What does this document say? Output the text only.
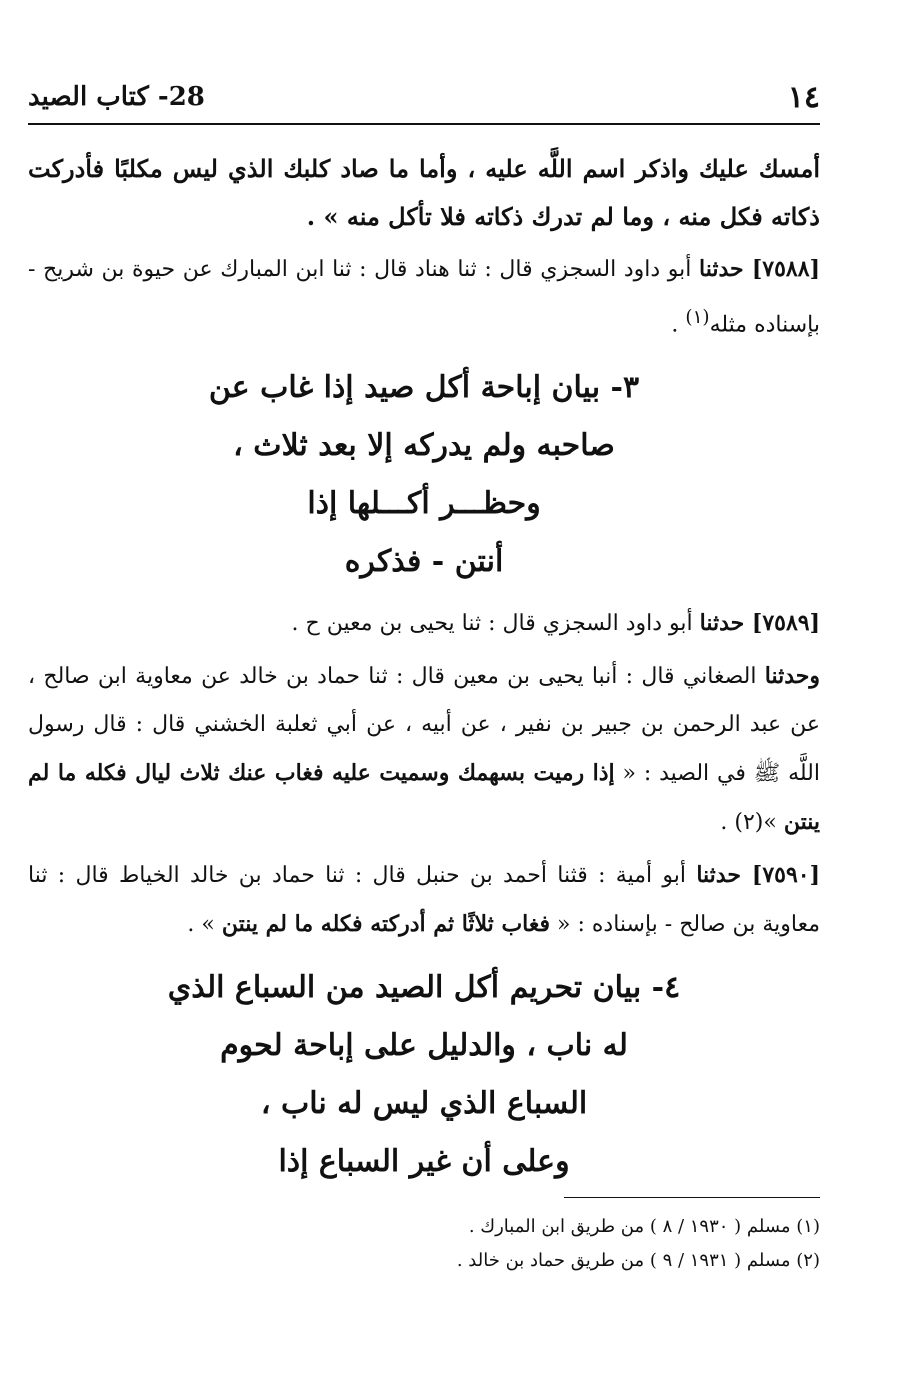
١٤
28- كتاب الصيد

أمسك عليك واذكر اسم اللَّه عليه ، وأما ما صاد كلبك الذي ليس مكلبًا فأدركت ذكاته فكل منه ، وما لم تدرك ذكاته فلا تأكل منه » .

[٧٥٨٨] حدثنا أبو داود السجزي قال : ثنا هناد قال : ثنا ابن المبارك عن حيوة بن شريح - بإسناده مثله$^{(١)}$ .

٣- بيان إباحة أكل صيد إذا غاب عن
صاحبه ولم يدركه إلا بعد ثلاث ،
وحظـــر أكـــلها إذا
أنتن - فذكره

[٧٥٨٩] حدثنا أبو داود السجزي قال : ثنا يحيى بن معين ح .

وحدثنا الصغاني قال : أنبا يحيى بن معين قال : ثنا حماد بن خالد عن معاوية ابن صالح ، عن عبد الرحمن بن جبير بن نفير ، عن أبيه ، عن أبي ثعلبة الخشني قال : قال رسول اللَّه ﷺ في الصيد : « إذا رميت بسهمك وسميت عليه فغاب عنك ثلاث ليال فكله ما لم ينتن »(٢) .

[٧٥٩٠] حدثنا أبو أمية : قثنا أحمد بن حنبل قال : ثنا حماد بن خالد الخياط قال : ثنا معاوية بن صالح - بإسناده : « فغاب ثلاثًا ثم أدركته فكله ما لم ينتن » .

٤- بيان تحريم أكل الصيد من السباع الذي
له ناب ، والدليل على إباحة لحوم
السباع الذي ليس له ناب ،
وعلى أن غير السباع إذا
(١) مسلم ( ١٩٣٠ / ٨ ) من طريق ابن المبارك .
(٢) مسلم ( ١٩٣١ / ٩ ) من طريق حماد بن خالد .
